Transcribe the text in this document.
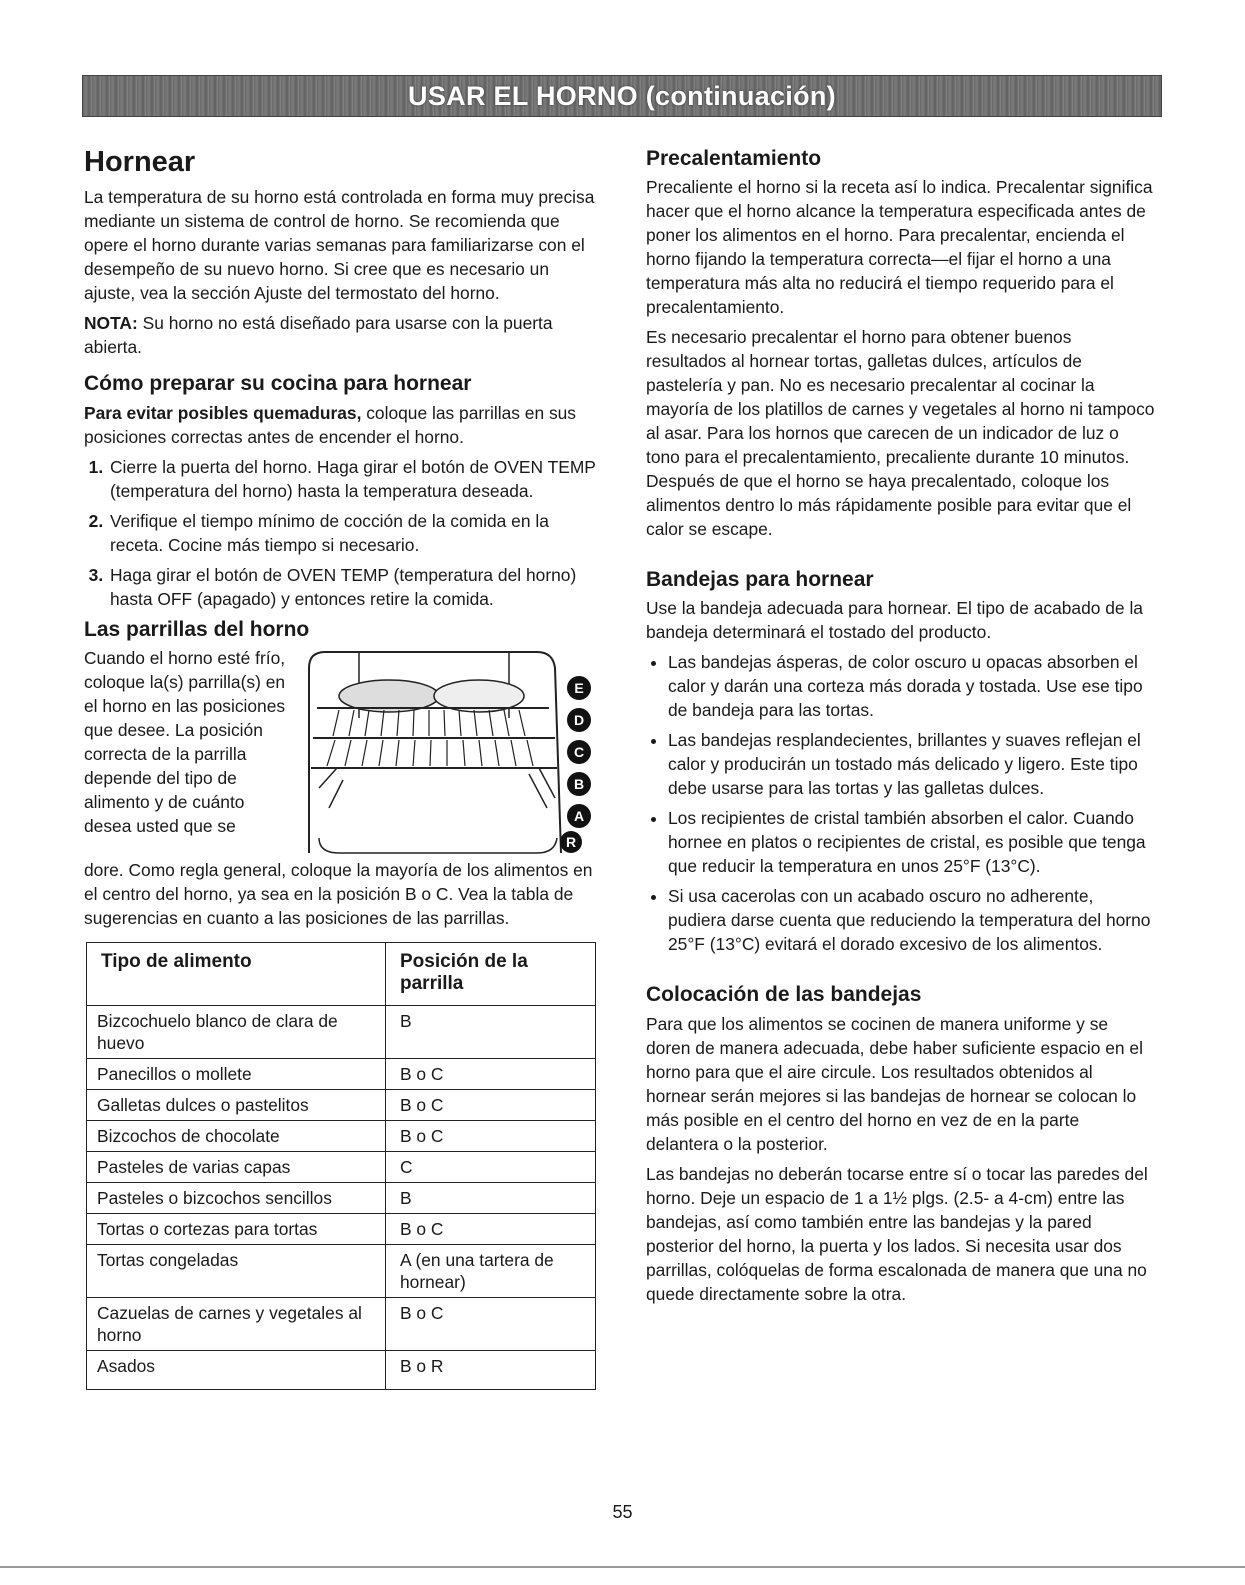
USAR EL HORNO (continuación)
Hornear

La temperatura de su horno está controlada en forma muy precisa mediante un sistema de control de horno. Se recomienda que opere el horno durante varias semanas para familiarizarse con el desempeño de su nuevo horno. Si cree que es necesario un ajuste, vea la sección Ajuste del termostato del horno.

NOTA: Su horno no está diseñado para usarse con la puerta abierta.

Cómo preparar su cocina para hornear

Para evitar posibles quemaduras, coloque las parrillas en sus posiciones correctas antes de encender el horno.

1. Cierre la puerta del horno. Haga girar el botón de OVEN TEMP (temperatura del horno) hasta la temperatura deseada.
2. Verifique el tiempo mínimo de cocción de la comida en la receta. Cocine más tiempo si necesario.
3. Haga girar el botón de OVEN TEMP (temperatura del horno) hasta OFF (apagado) y entonces retire la comida.
Las parrillas del horno
Cuando el horno esté frío, coloque la(s) parrilla(s) en el horno en las posiciones que desee. La posición correcta de la parrilla depende del tipo de alimento y de cuánto desea usted que se
E
D
C
B
A
R

dore. Como regla general, coloque la mayoría de los alimentos en el centro del horno, ya sea en la posición B o C. Vea la tabla de sugerencias en cuanto a las posiciones de las parrillas.

Tipo de alimento	Posición de la parrilla
Bizcochuelo blanco de clara de huevo	B
Panecillos o mollete	B o C
Galletas dulces o pastelitos	B o C
Bizcochos de chocolate	B o C
Pasteles de varias capas	C
Pasteles o bizcochos sencillos	B
Tortas o cortezas para tortas	B o C
Tortas congeladas	A (en una tartera de hornear)
Cazuelas de carnes y vegetales al horno	B o C
Asados	B o R
Precalentamiento

Precaliente el horno si la receta así lo indica. Precalentar significa hacer que el horno alcance la temperatura especificada antes de poner los alimentos en el horno. Para precalentar, encienda el horno fijando la temperatura correcta—el fijar el horno a una temperatura más alta no reducirá el tiempo requerido para el precalentamiento.

Es necesario precalentar el horno para obtener buenos resultados al hornear tortas, galletas dulces, artículos de pastelería y pan. No es necesario precalentar al cocinar la mayoría de los platillos de carnes y vegetales al horno ni tampoco al asar. Para los hornos que carecen de un indicador de luz o tono para el precalentamiento, precaliente durante 10 minutos. Después de que el horno se haya precalentado, coloque los alimentos dentro lo más rápidamente posible para evitar que el calor se escape.

Bandejas para hornear

Use la bandeja adecuada para hornear. El tipo de acabado de la bandeja determinará el tostado del producto.

• Las bandejas ásperas, de color oscuro u opacas absorben el calor y darán una corteza más dorada y tostada. Use ese tipo de bandeja para las tortas.
• Las bandejas resplandecientes, brillantes y suaves reflejan el calor y producirán un tostado más delicado y ligero. Este tipo debe usarse para las tortas y las galletas dulces.
• Los recipientes de cristal también absorben el calor. Cuando hornee en platos o recipientes de cristal, es posible que tenga que reducir la temperatura en unos 25°F (13°C).
• Si usa cacerolas con un acabado oscuro no adherente, pudiera darse cuenta que reduciendo la temperatura del horno 25°F (13°C) evitará el dorado excesivo de los alimentos.
Colocación de las bandejas

Para que los alimentos se cocinen de manera uniforme y se doren de manera adecuada, debe haber suficiente espacio en el horno para que el aire circule. Los resultados obtenidos al hornear serán mejores si las bandejas de hornear se colocan lo más posible en el centro del horno en vez de en la parte delantera o la posterior.

Las bandejas no deberán tocarse entre sí o tocar las paredes del horno. Deje un espacio de 1 a 1½ plgs. (2.5- a 4-cm) entre las bandejas, así como también entre las bandejas y la pared posterior del horno, la puerta y los lados. Si necesita usar dos parrillas, colóquelas de forma escalonada de manera que una no quede directamente sobre la otra.

55
